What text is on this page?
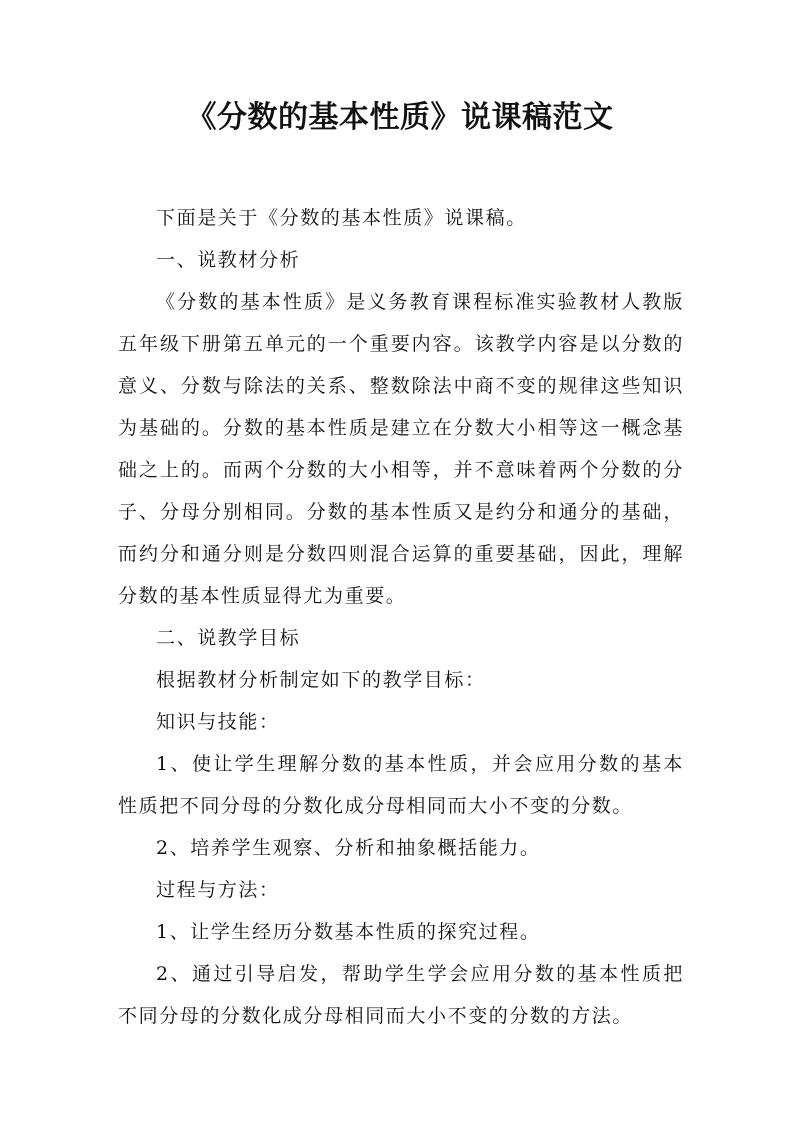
《分数的基本性质》说课稿范文

下面是关于《分数的基本性质》说课稿。

一、说教材分析

《分数的基本性质》是义务教育课程标准实验教材人教版五年级下册第五单元的一个重要内容。该教学内容是以分数的意义、分数与除法的关系、整数除法中商不变的规律这些知识为基础的。分数的基本性质是建立在分数大小相等这一概念基础之上的。而两个分数的大小相等，并不意味着两个分数的分子、分母分别相同。分数的基本性质又是约分和通分的基础，而约分和通分则是分数四则混合运算的重要基础，因此，理解分数的基本性质显得尤为重要。

二、说教学目标

根据教材分析制定如下的教学目标：

知识与技能：

1、使让学生理解分数的基本性质，并会应用分数的基本性质把不同分母的分数化成分母相同而大小不变的分数。

2、培养学生观察、分析和抽象概括能力。

过程与方法：

1、让学生经历分数基本性质的探究过程。

2、通过引导启发，帮助学生学会应用分数的基本性质把不同分母的分数化成分母相同而大小不变的分数的方法。
